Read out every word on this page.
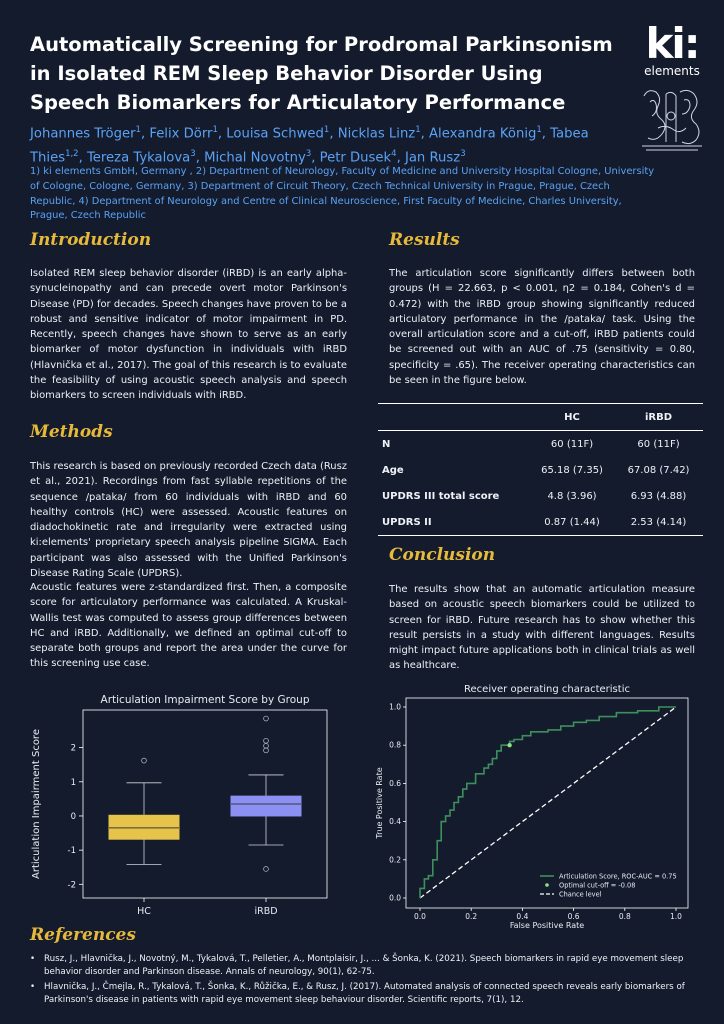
Automatically Screening for Prodromal Parkinsonism
in Isolated REM Sleep Behavior Disorder Using
Speech Biomarkers for Articulatory Performance
Johannes Tröger$^1$, Felix Dörr$^1$, Louisa Schwed$^1$, Nicklas Linz$^1$, Alexandra König$^1$, Tabea Thies$^{1,2}$, Tereza Tykalova$^3$, Michal Novotny$^3$, Petr Dusek$^4$, Jan Rusz$^3$
1) ki elements GmbH, Germany , 2) Department of Neurology, Faculty of Medicine and University Hospital Cologne, University of Cologne, Cologne, Germany, 3) Department of Circuit Theory, Czech Technical University in Prague, Prague, Czech Republic, 4) Department of Neurology and Centre of Clinical Neuroscience, First Faculty of Medicine, Charles University, Prague, Czech Republic
ki:
elements
Introduction

Isolated REM sleep behavior disorder (iRBD) is an early alpha-synucleinopathy and can precede overt motor Parkinson's Disease (PD) for decades. Speech changes have proven to be a robust and sensitive indicator of motor impairment in PD. Recently, speech changes have shown to serve as an early biomarker of motor dysfunction in individuals with iRBD (Hlavnička et al., 2017). The goal of this research is to evaluate the feasibility of using acoustic speech analysis and speech biomarkers to screen individuals with iRBD.

Methods

This research is based on previously recorded Czech data (Rusz et al., 2021). Recordings from fast syllable repetitions of the sequence /pataka/ from 60 individuals with iRBD and 60 healthy controls (HC) were assessed. Acoustic features on diadochokinetic rate and irregularity were extracted using ki:elements' proprietary speech analysis pipeline SIGMA. Each participant was also assessed with the Unified Parkinson's Disease Rating Scale (UPDRS).

Acoustic features were z-standardized first. Then, a composite score for articulatory performance was calculated. A Kruskal-Wallis test was computed to assess group differences between HC and iRBD. Additionally, we defined an optimal cut-off to separate both groups and report the area under the curve for this screening use case.

Articulation Impairment Score by Group
Articulation Impairment Score
-2
-1
0
1
2
HC	iRBD
Results

The articulation score significantly differs between both groups (H = 22.663, p < 0.001, η2 = 0.184, Cohen's d = 0.472) with the iRBD group showing significantly reduced articulatory performance in the /pataka/ task. Using the overall articulation score and a cut-off, iRBD patients could be screened out with an AUC of .75 (sensitivity = 0.80, specificity = .65). The receiver operating characteristics can be seen in the figure below.

	HC	iRBD
N	60 (11F)	60 (11F)
Age	65.18 (7.35)	67.08 (7.42)
UPDRS III total score	4.8 (3.96)	6.93 (4.88)
UPDRS II	0.87 (1.44)	2.53 (4.14)
Conclusion

The results show that an automatic articulation measure based on acoustic speech biomarkers could be utilized to screen for iRBD. Future research has to show whether this result persists in a study with different languages. Results might impact future applications both in clinical trials as well as healthcare.

Receiver operating characteristic
False Positive Rate
True Positive Rate
0.0
0.0
0.2
0.2
0.4
0.4
0.6
0.6
0.8
0.8
1.0
1.0
Articulation Score, ROC-AUC = 0.75
Optimal cut-off = -0.08
Chance level
References
•	Rusz, J., Hlavnička, J., Novotný, M., Tykalová, T., Pelletier, A., Montplaisir, J., ... & Šonka, K. (2021). Speech biomarkers in rapid eye movement sleep behavior disorder and Parkinson disease. Annals of neurology, 90(1), 62-75.

•	Hlavnička, J., Čmejla, R., Tykalová, T., Šonka, K., Růžička, E., & Rusz, J. (2017). Automated analysis of connected speech reveals early biomarkers of Parkinson's disease in patients with rapid eye movement sleep behaviour disorder. Scientific reports, 7(1), 12.
